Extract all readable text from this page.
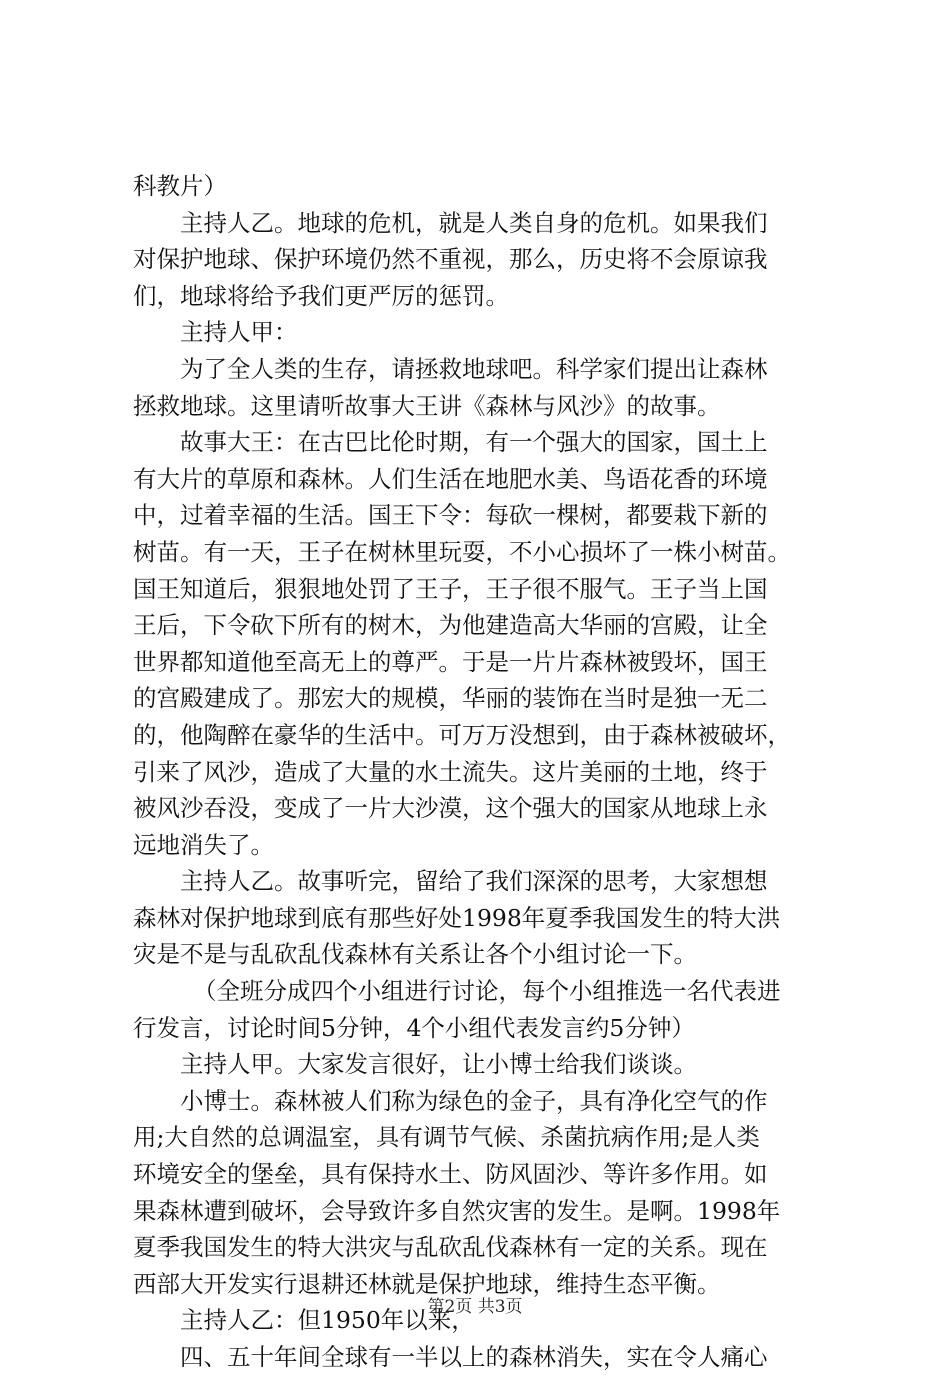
科教片）
主持人乙。地球的危机，就是人类自身的危机。如果我们
对保护地球、保护环境仍然不重视，那么，历史将不会原谅我
们，地球将给予我们更严厉的惩罚。
主持人甲：
为了全人类的生存，请拯救地球吧。科学家们提出让森林
拯救地球。这里请听故事大王讲《森林与风沙》的故事。
故事大王：在古巴比伦时期，有一个强大的国家，国土上
有大片的草原和森林。人们生活在地肥水美、鸟语花香的环境
中，过着幸福的生活。国王下令：每砍一棵树，都要栽下新的
树苗。有一天，王子在树林里玩耍，不小心损坏了一株小树苗。
国王知道后，狠狠地处罚了王子，王子很不服气。王子当上国
王后，下令砍下所有的树木，为他建造高大华丽的宫殿，让全
世界都知道他至高无上的尊严。于是一片片森林被毁坏，国王
的宫殿建成了。那宏大的规模，华丽的装饰在当时是独一无二
的，他陶醉在豪华的生活中。可万万没想到，由于森林被破坏，
引来了风沙，造成了大量的水土流失。这片美丽的土地，终于
被风沙吞没，变成了一片大沙漠，这个强大的国家从地球上永
远地消失了。
主持人乙。故事听完，留给了我们深深的思考，大家想想
森林对保护地球到底有那些好处1998年夏季我国发生的特大洪
灾是不是与乱砍乱伐森林有关系让各个小组讨论一下。
（全班分成四个小组进行讨论，每个小组推选一名代表进
行发言，讨论时间5分钟，4个小组代表发言约5分钟）
主持人甲。大家发言很好，让小博士给我们谈谈。
小博士。森林被人们称为绿色的金子，具有净化空气的作
用;大自然的总调温室，具有调节气候、杀菌抗病作用;是人类
环境安全的堡垒，具有保持水土、防风固沙、等许多作用。如
果森林遭到破坏，会导致许多自然灾害的发生。是啊。1998年
夏季我国发生的特大洪灾与乱砍乱伐森林有一定的关系。现在
西部大开发实行退耕还林就是保护地球，维持生态平衡。
主持人乙：但1950年以来，
四、五十年间全球有一半以上的森林消失，实在令人痛心
第2页 共3页
